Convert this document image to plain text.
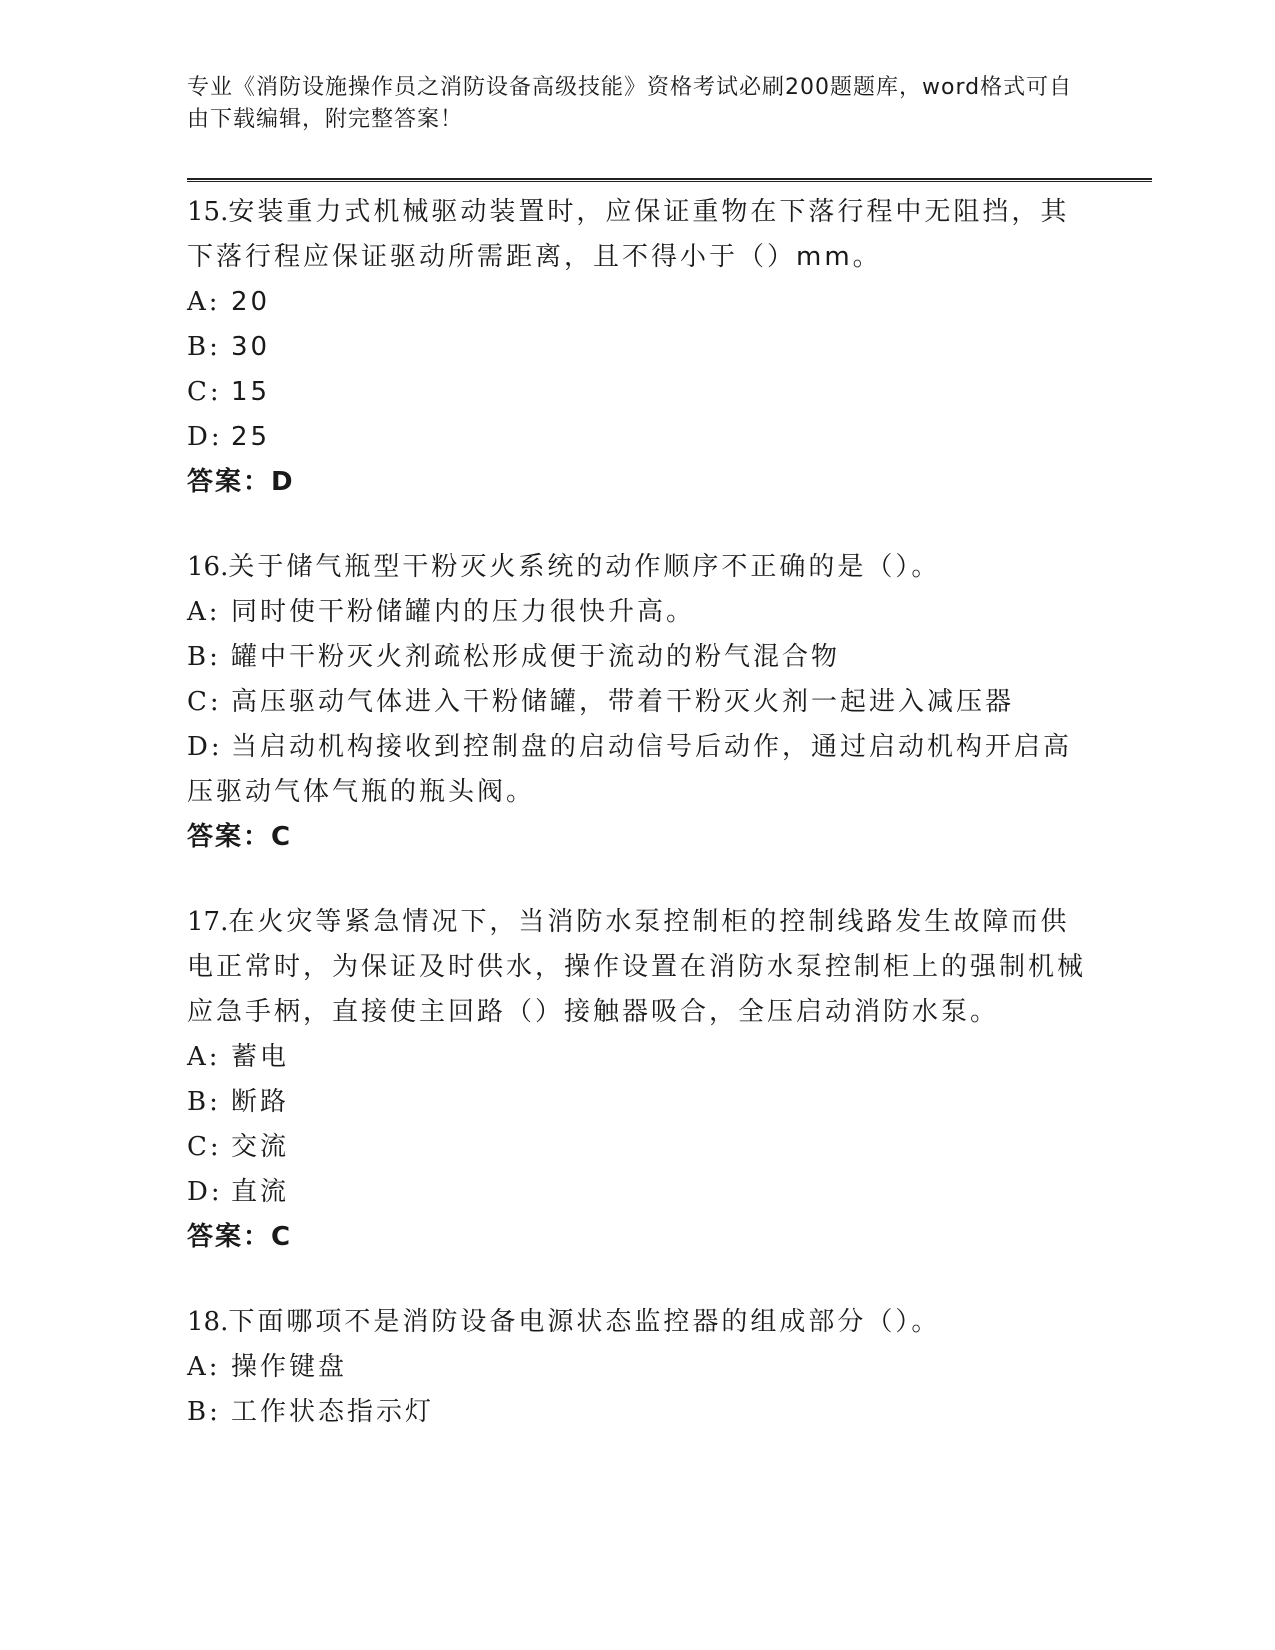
专业《消防设施操作员之消防设备高级技能》资格考试必刷200题题库，word格式可自由下载编辑，附完整答案！
15.安装重力式机械驱动装置时，应保证重物在下落行程中无阻挡，其下落行程应保证驱动所需距离，且不得小于（）mm。
A: 20
B: 30
C: 15
D: 25
答案：D
16.关于储气瓶型干粉灭火系统的动作顺序不正确的是（）。
A: 同时使干粉储罐内的压力很快升高。
B: 罐中干粉灭火剂疏松形成便于流动的粉气混合物
C: 高压驱动气体进入干粉储罐，带着干粉灭火剂一起进入减压器
D: 当启动机构接收到控制盘的启动信号后动作，通过启动机构开启高压驱动气体气瓶的瓶头阀。
答案：C
17.在火灾等紧急情况下，当消防水泵控制柜的控制线路发生故障而供电正常时，为保证及时供水，操作设置在消防水泵控制柜上的强制机械应急手柄，直接使主回路（）接触器吸合，全压启动消防水泵。
A: 蓄电
B: 断路
C: 交流
D: 直流
答案：C
18.下面哪项不是消防设备电源状态监控器的组成部分（）。
A: 操作键盘
B: 工作状态指示灯
